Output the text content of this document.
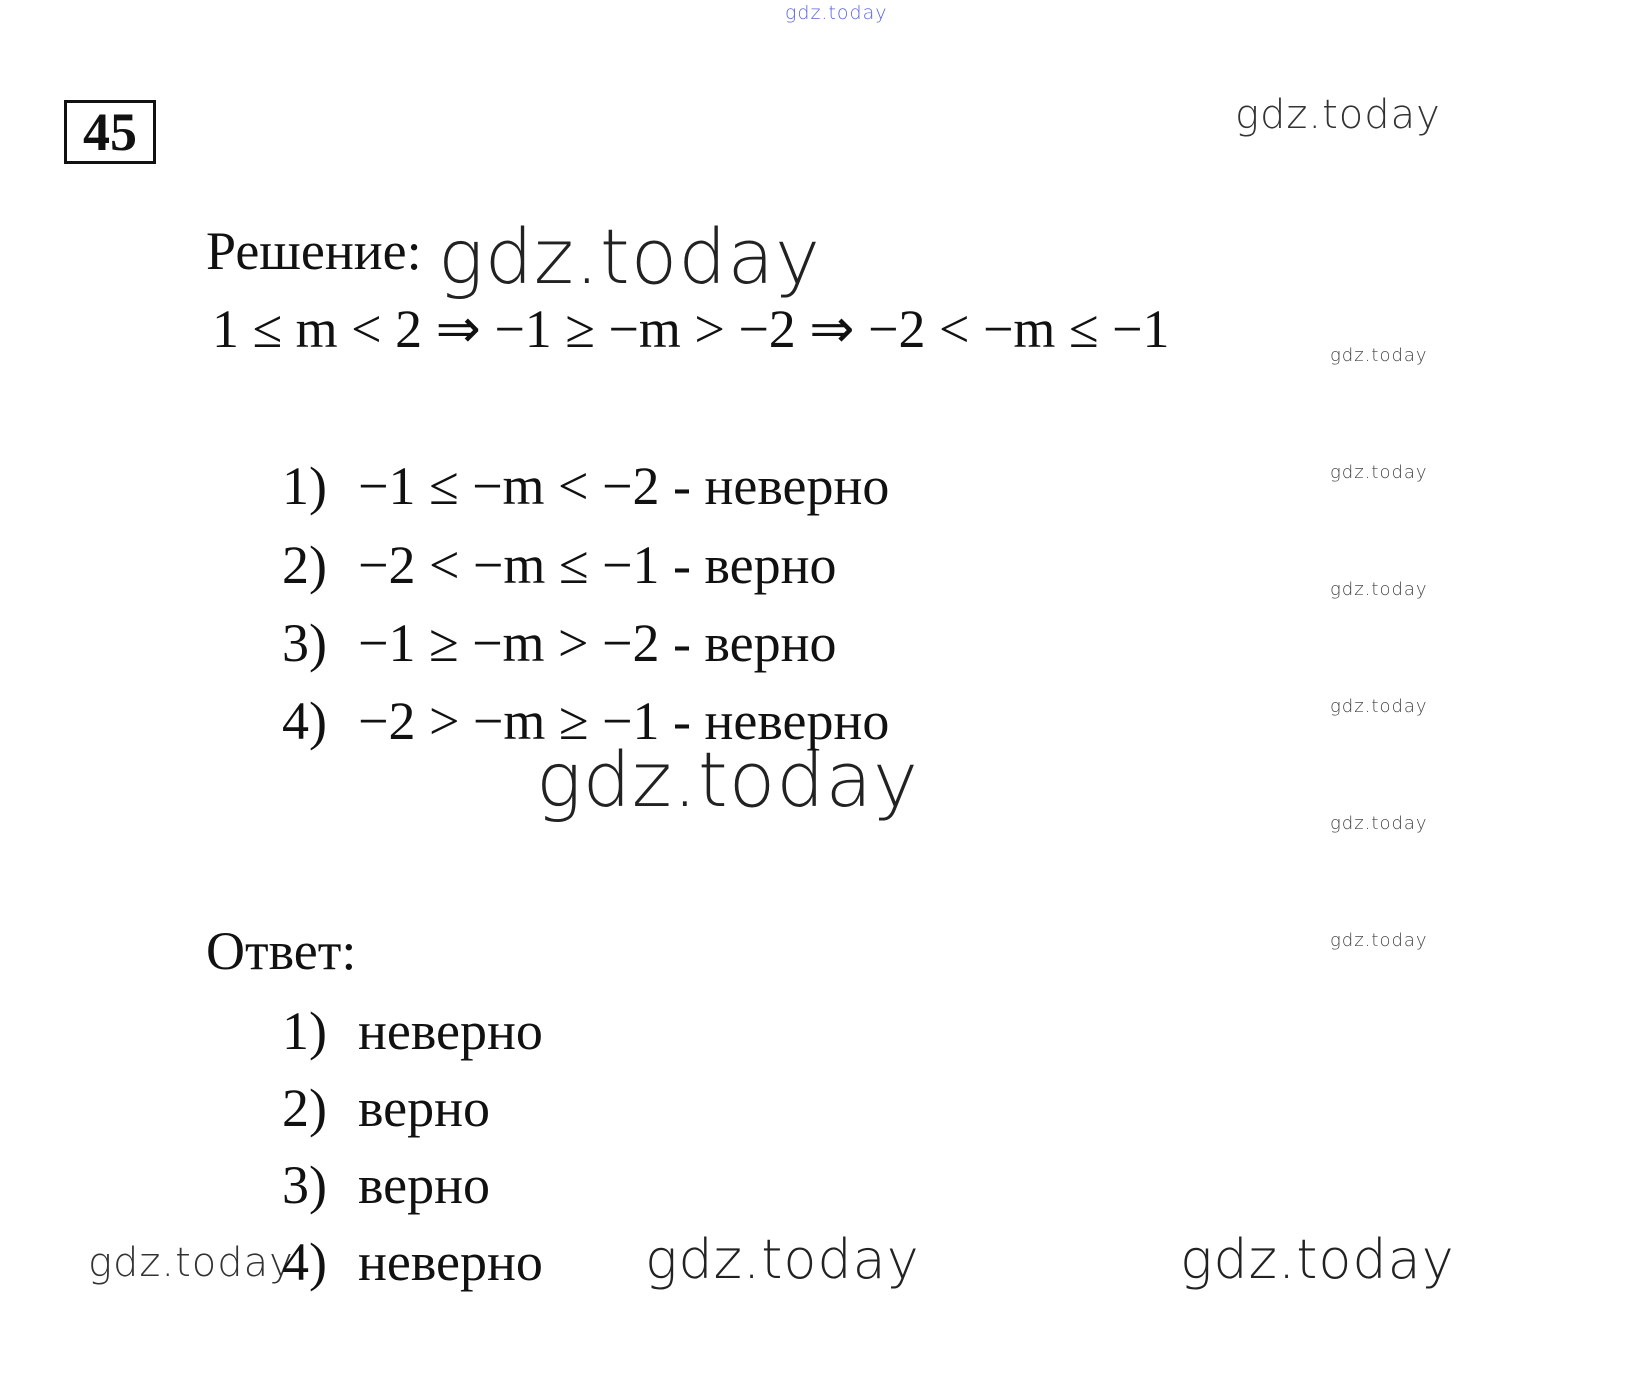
gdz.today
gdz.today
gdz.today
gdz.today
gdz.today
gdz.today
gdz.today
gdz.today
gdz.today
gdz.today
gdz.today	gdz.today	gdz.today
45
Решение:
1 ≤ m < 2 ⇒ −1 ≥ −m > −2 ⇒ −2 < −m ≤ −1
1) −1 ≤ −m < −2 - неверно
2) −2 < −m ≤ −1 - верно
3) −1 ≥ −m > −2 - верно
4) −2 > −m ≥ −1 - неверно
Ответ:
1) неверно
2) верно
3) верно
4) неверно
